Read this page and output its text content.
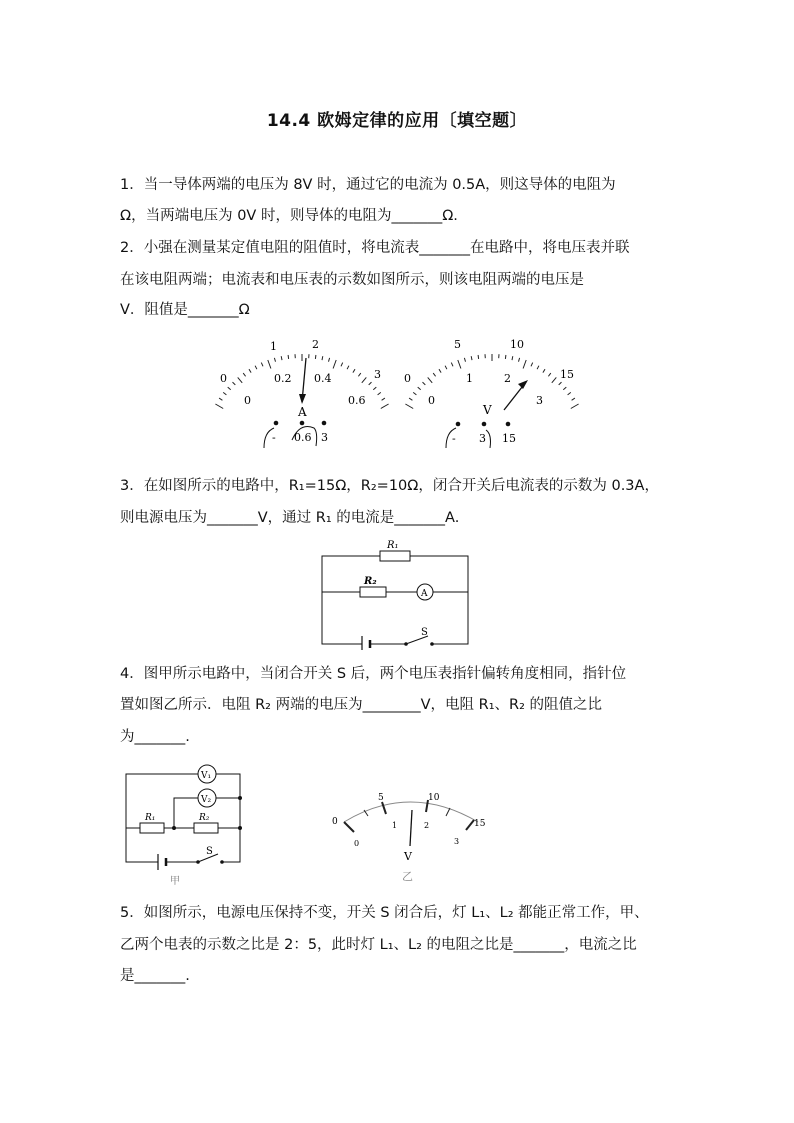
14.4 欧姆定律的应用〔填空题〕
1．当一导体两端的电压为 8V 时，通过它的电流为 0.5A，则这导体的电阻为
Ω，当两端电压为 0V 时，则导体的电阻为_______Ω.
2．小强在测量某定值电阻的阻值时，将电流表_______在电路中，将电压表并联
在该电阻两端；电流表和电压表的示数如图所示，则该电阻两端的电压是
V．阻值是_______Ω
0
1	2
3
0
0.2 0.4
0.6
A
- 0.6 3
0
5	10
15
0
1	2
3
V
- 3 15
3．在如图所示的电路中，R₁=15Ω，R₂=10Ω，闭合开关后电流表的示数为 0.3A，
则电源电压为_______V，通过 R₁ 的电流是_______A.
R₁
R₂
A
S
4．图甲所示电路中，当闭合开关 S 后，两个电压表指针偏转角度相同，指针位
置如图乙所示．电阻 R₂ 两端的电压为________V，电阻 R₁、R₂ 的阻值之比
为_______.
V₁
V₂
R₁	R₂
S
甲
0
5	10
15
0
1	2
3
V
乙
5．如图所示，电源电压保持不变，开关 S 闭合后，灯 L₁、L₂ 都能正常工作，甲、
乙两个电表的示数之比是 2：5，此时灯 L₁、L₂ 的电阻之比是_______，电流之比
是_______.
